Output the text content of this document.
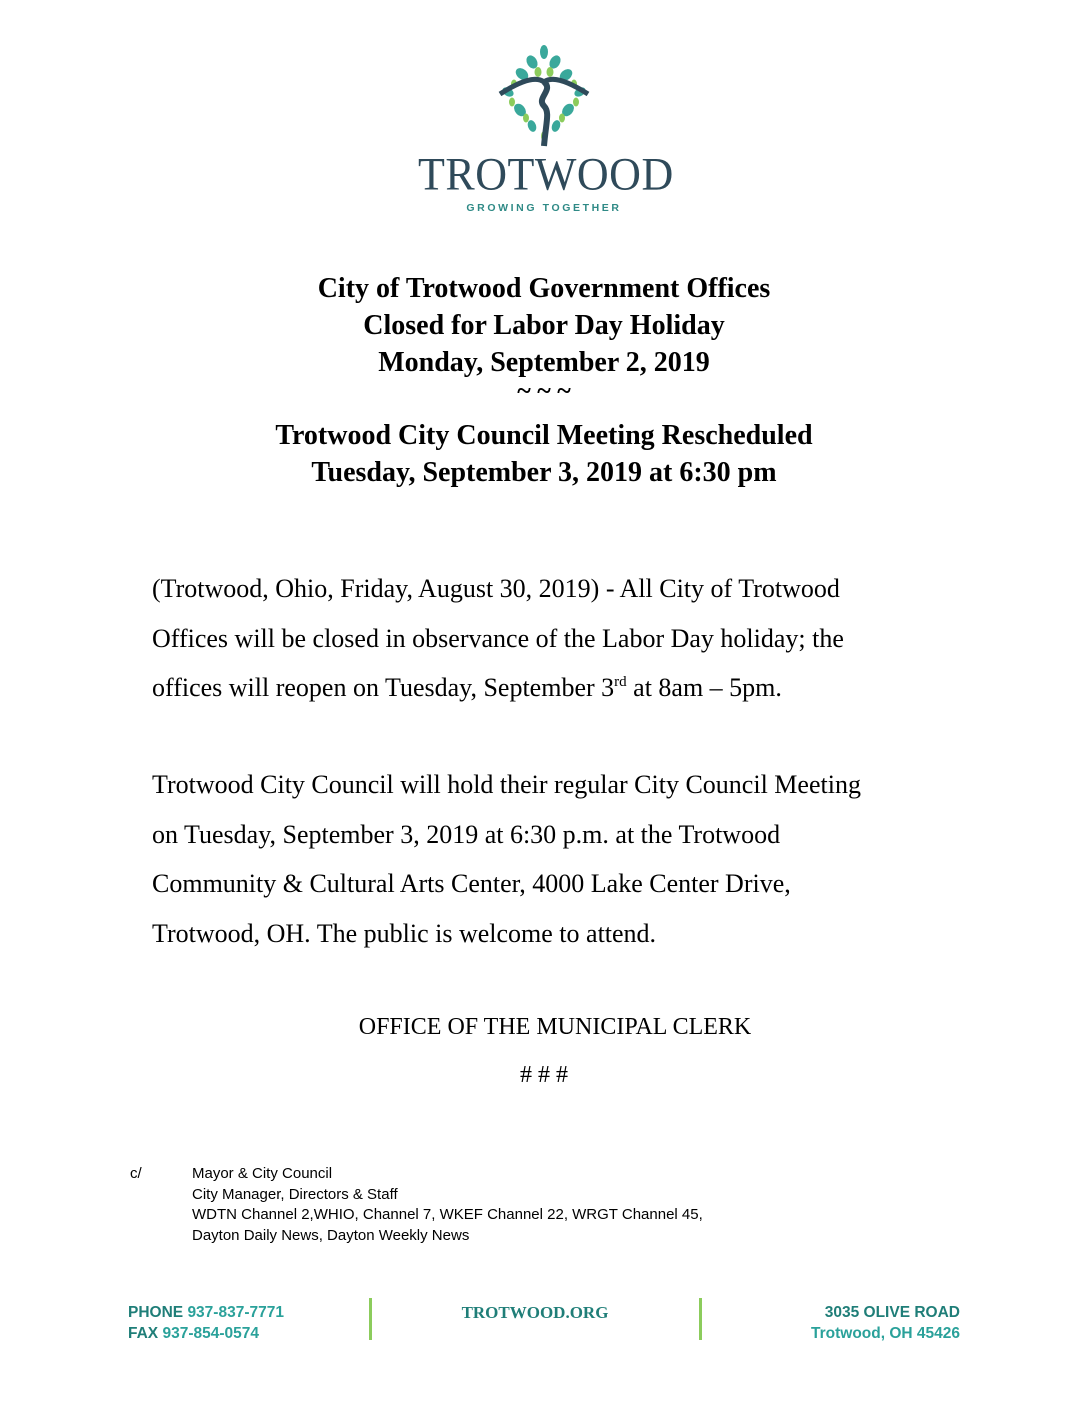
TROTWOOD
GROWING TOGETHER
City of Trotwood Government Offices
Closed for Labor Day Holiday
Monday, September 2, 2019
~ ~ ~
Trotwood City Council Meeting Rescheduled
Tuesday, September 3, 2019 at 6:30 pm
(Trotwood, Ohio, Friday, August 30, 2019) - All City of Trotwood
Offices will be closed in observance of the Labor Day holiday; the
offices will reopen on Tuesday, September 3rd at 8am – 5pm.
Trotwood City Council will hold their regular City Council Meeting
on Tuesday, September 3, 2019 at 6:30 p.m. at the Trotwood
Community & Cultural Arts Center, 4000 Lake Center Drive,
Trotwood, OH. The public is welcome to attend.
OFFICE OF THE MUNICIPAL CLERK
# # #
c/	Mayor & City Council
City Manager, Directors & Staff
WDTN Channel 2,WHIO, Channel 7, WKEF Channel 22, WRGT Channel 45,
Dayton Daily News, Dayton Weekly News
PHONE 937-837-7771
FAX 937-854-0574
TROTWOOD.ORG	3035 OLIVE ROAD
Trotwood, OH 45426
